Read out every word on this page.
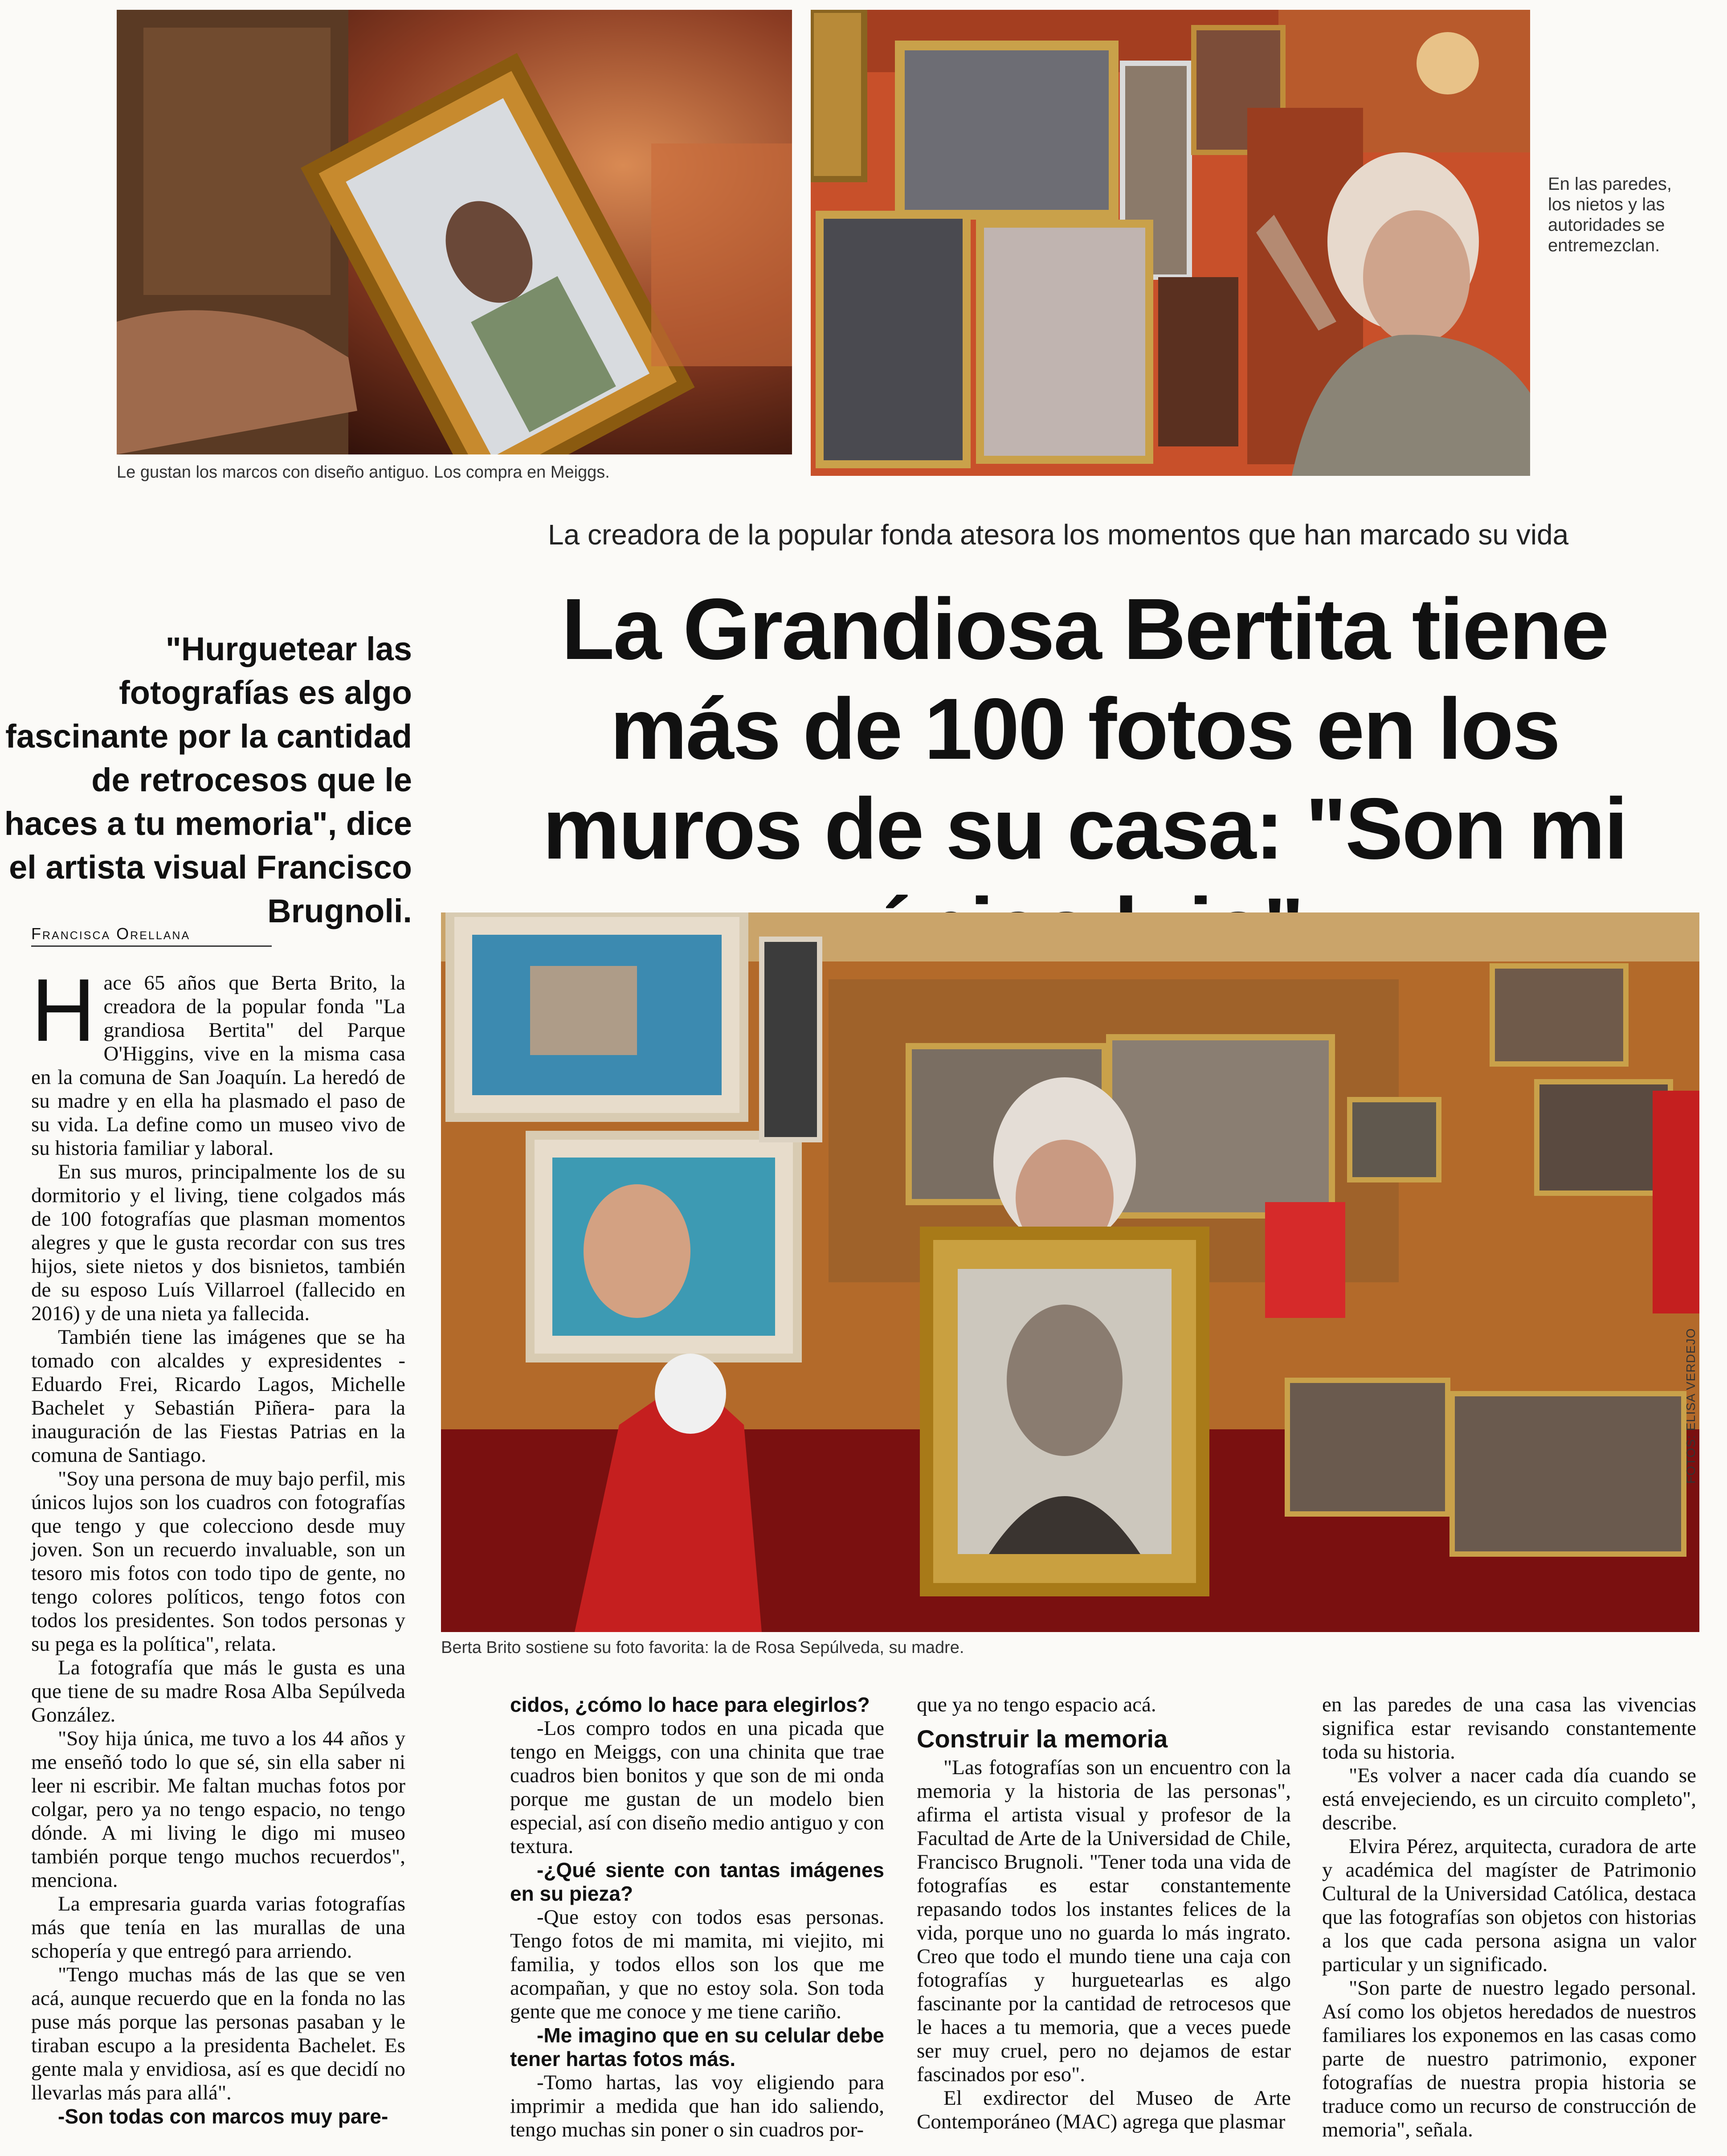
Le gustan los marcos con diseño antiguo. Los compra en Meiggs.
En las paredes, los nietos y las autoridades se entremezclan.
La creadora de la popular fonda atesora los momentos que han marcado su vida
La Grandiosa Bertita tiene más de 100 fotos en los muros de su casa: "Son mi
"Hurguetear las fotografías es algo fascinante por la cantidad de retrocesos que le haces a tu memoria", dice el artista visual Francisco Brugnoli.
Francisca Orellana
Berta Brito sostiene su foto favorita: la de Rosa Sepúlveda, su madre.
FOTOS: ELISA VERDEJO

Hace 65 años que Berta Brito, la creadora de la popular fonda "La grandiosa Bertita" del Parque O'Higgins, vive en la misma casa en la comuna de San Joaquín. La heredó de su madre y en ella ha plasmado el paso de su vida. La define como un museo vivo de su historia familiar y laboral.

En sus muros, principalmente los de su dormitorio y el living, tiene colgados más de 100 fotografías que plasman momentos alegres y que le gusta recordar con sus tres hijos, siete nietos y dos bisnietos, también de su esposo Luís Villarroel (fallecido en 2016) y de una nieta ya fallecida.

También tiene las imágenes que se ha tomado con alcaldes y expresidentes -Eduardo Frei, Ricardo Lagos, Michelle Bachelet y Sebastián Piñera- para la inauguración de las Fiestas Patrias en la comuna de Santiago.

"Soy una persona de muy bajo perfil, mis únicos lujos son los cuadros con fotografías que tengo y que colecciono desde muy joven. Son un recuerdo invaluable, son un tesoro mis fotos con todo tipo de gente, no tengo colores políticos, tengo fotos con todos los presidentes. Son todos personas y su pega es la política", relata.

La fotografía que más le gusta es una que tiene de su madre Rosa Alba Sepúlveda González.

"Soy hija única, me tuvo a los 44 años y me enseñó todo lo que sé, sin ella saber ni leer ni escribir. Me faltan muchas fotos por colgar, pero ya no tengo espacio, no tengo dónde. A mi living le digo mi museo también porque tengo muchos recuerdos", menciona.

La empresaria guarda varias fotografías más que tenía en las murallas de una schopería y que entregó para arriendo.

"Tengo muchas más de las que se ven acá, aunque recuerdo que en la fonda no las puse más porque las personas pasaban y le tiraban escupo a la presidenta Bachelet. Es gente mala y envidiosa, así es que decidí no llevarlas más para allá".

-Son todas con marcos muy pare-

cidos, ¿cómo lo hace para elegirlos?

-Los compro todos en una picada que tengo en Meiggs, con una chinita que trae cuadros bien bonitos y que son de mi onda porque me gustan de un modelo bien especial, así con diseño medio antiguo y con textura.

-¿Qué siente con tantas imágenes en su pieza?

-Que estoy con todos esas personas. Tengo fotos de mi mamita, mi viejito, mi familia, y todos ellos son los que me acompañan, y que no estoy sola. Son toda gente que me conoce y me tiene cariño.

-Me imagino que en su celular debe tener hartas fotos más.

-Tomo hartas, las voy eligiendo para imprimir a medida que han ido saliendo, tengo muchas sin poner o sin cuadros por-

que ya no tengo espacio acá.

Construir la memoria

"Las fotografías son un encuentro con la memoria y la historia de las personas", afirma el artista visual y profesor de la Facultad de Arte de la Universidad de Chile, Francisco Brugnoli. "Tener toda una vida de fotografías es estar constantemente repasando todos los instantes felices de la vida, porque uno no guarda lo más ingrato. Creo que todo el mundo tiene una caja con fotografías y hurguetearlas es algo fascinante por la cantidad de retrocesos que le haces a tu memoria, que a veces puede ser muy cruel, pero no dejamos de estar fascinados por eso".

El exdirector del Museo de Arte Contemporáneo (MAC) agrega que plasmar

en las paredes de una casa las vivencias significa estar revisando constantemente toda su historia.

"Es volver a nacer cada día cuando se está envejeciendo, es un circuito completo", describe.

Elvira Pérez, arquitecta, curadora de arte y académica del magíster de Patrimonio Cultural de la Universidad Católica, destaca que las fotografías son objetos con historias a los que cada persona asigna un valor particular y un significado.

"Son parte de nuestro legado personal. Así como los objetos heredados de nuestros familiares los exponemos en las casas como parte de nuestro patrimonio, exponer fotografías de nuestra propia historia se traduce como un recurso de construcción de memoria", señala.
